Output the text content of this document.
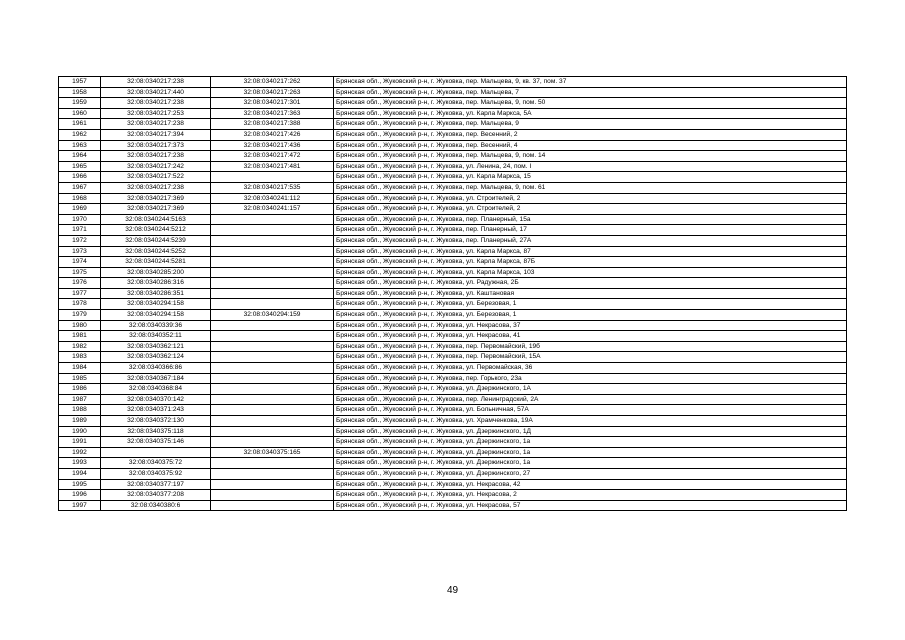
1957	32:08:0340217:238	32:08:0340217:262	Брянская обл., Жуковский р-н, г. Жуковка, пер. Мальцева, 9, кв. 37, пом. 37
1958	32:08:0340217:440	32:08:0340217:263	Брянская обл., Жуковский р-н, г. Жуковка, пер. Мальцева, 7
1959	32:08:0340217:238	32:08:0340217:301	Брянская обл., Жуковский р-н, г. Жуковка, пер. Мальцева, 9, пом. 50
1960	32:08:0340217:253	32:08:0340217:363	Брянская обл., Жуковский р-н, г. Жуковка, ул. Карла Маркса, 5А
1961	32:08:0340217:238	32:08:0340217:388	Брянская обл., Жуковский р-н, г. Жуковка, пер. Мальцева, 9
1962	32:08:0340217:394	32:08:0340217:426	Брянская обл., Жуковский р-н, г. Жуковка, пер. Весенний, 2
1963	32:08:0340217:373	32:08:0340217:436	Брянская обл., Жуковский р-н, г. Жуковка, пер. Весенний, 4
1964	32:08:0340217:238	32:08:0340217:472	Брянская обл., Жуковский р-н, г. Жуковка, пер. Мальцева, 9, пом. 14
1965	32:08:0340217:242	32:08:0340217:481	Брянская обл., Жуковский р-н, г. Жуковка, ул. Ленина, 24, пом. I
1966	32:08:0340217:522		Брянская обл., Жуковский р-н, г. Жуковка, ул. Карла Маркса, 15
1967	32:08:0340217:238	32:08:0340217:535	Брянская обл., Жуковский р-н, г. Жуковка, пер. Мальцева, 9, пом. 61
1968	32:08:0340217:369	32:08:0340241:112	Брянская обл., Жуковский р-н, г. Жуковка, ул. Строителей, 2
1969	32:08:0340217:369	32:08:0340241:157	Брянская обл., Жуковский р-н, г. Жуковка, ул. Строителей, 2
1970	32:08:0340244:5163		Брянская обл., Жуковский р-н, г. Жуковка, пер. Планерный, 15а
1971	32:08:0340244:5212		Брянская обл., Жуковский р-н, г. Жуковка, пер. Планерный, 17
1972	32:08:0340244:5239		Брянская обл., Жуковский р-н, г. Жуковка, пер. Планерный, 27А
1973	32:08:0340244:5252		Брянская обл., Жуковский р-н, г. Жуковка, ул. Карла Маркса, 87
1974	32:08:0340244:5281		Брянская обл., Жуковский р-н, г. Жуковка, ул. Карла Маркса, 87Б
1975	32:08:0340285:200		Брянская обл., Жуковский р-н, г. Жуковка, ул. Карла Маркса, 103
1976	32:08:0340286:316		Брянская обл., Жуковский р-н, г. Жуковка, ул. Радужная, 2Б
1977	32:08:0340286:351		Брянская обл., Жуковский р-н, г. Жуковка, ул. Каштановая
1978	32:08:0340294:158		Брянская обл., Жуковский р-н, г. Жуковка, ул. Березовая, 1
1979	32:08:0340294:158	32:08:0340294:159	Брянская обл., Жуковский р-н, г. Жуковка, ул. Березовая, 1
1980	32:08:0340339:36		Брянская обл., Жуковский р-н, г. Жуковка, ул. Некрасова, 37
1981	32:08:0340352:11		Брянская обл., Жуковский р-н, г. Жуковка, ул. Некрасова, 41
1982	32:08:0340362:121		Брянская обл., Жуковский р-н, г. Жуковка, пер. Первомайский, 19б
1983	32:08:0340362:124		Брянская обл., Жуковский р-н, г. Жуковка, пер. Первомайский, 15А
1984	32:08:0340366:86		Брянская обл., Жуковский р-н, г. Жуковка, ул. Первомайская, 36
1985	32:08:0340367:184		Брянская обл., Жуковский р-н, г. Жуковка, пер. Горького, 23а
1986	32:08:0340368:84		Брянская обл., Жуковский р-н, г. Жуковка, ул. Дзержинского, 1А
1987	32:08:0340370:142		Брянская обл., Жуковский р-н, г. Жуковка, пер. Ленинградский, 2А
1988	32:08:0340371:243		Брянская обл., Жуковский р-н, г. Жуковка, ул. Больничная, 57А
1989	32:08:0340372:130		Брянская обл., Жуковский р-н, г. Жуковка, ул. Храмченкова, 19А
1990	32:08:0340375:118		Брянская обл., Жуковский р-н, г. Жуковка, ул. Дзержинского, 1Д
1991	32:08:0340375:146		Брянская обл., Жуковский р-н, г. Жуковка, ул. Дзержинского, 1а
1992		32:08:0340375:165	Брянская обл., Жуковский р-н, г. Жуковка, ул. Дзержинского, 1а
1993	32:08:0340375:72		Брянская обл., Жуковский р-н, г. Жуковка, ул. Дзержинского, 1а
1994	32:08:0340375:92		Брянская обл., Жуковский р-н, г. Жуковка, ул. Дзержинского, 27
1995	32:08:0340377:197		Брянская обл., Жуковский р-н, г. Жуковка, ул. Некрасова, 42
1996	32:08:0340377:208		Брянская обл., Жуковский р-н, г. Жуковка, ул. Некрасова, 2
1997	32:08:0340380:6		Брянская обл., Жуковский р-н, г. Жуковка, ул. Некрасова, 57
49
